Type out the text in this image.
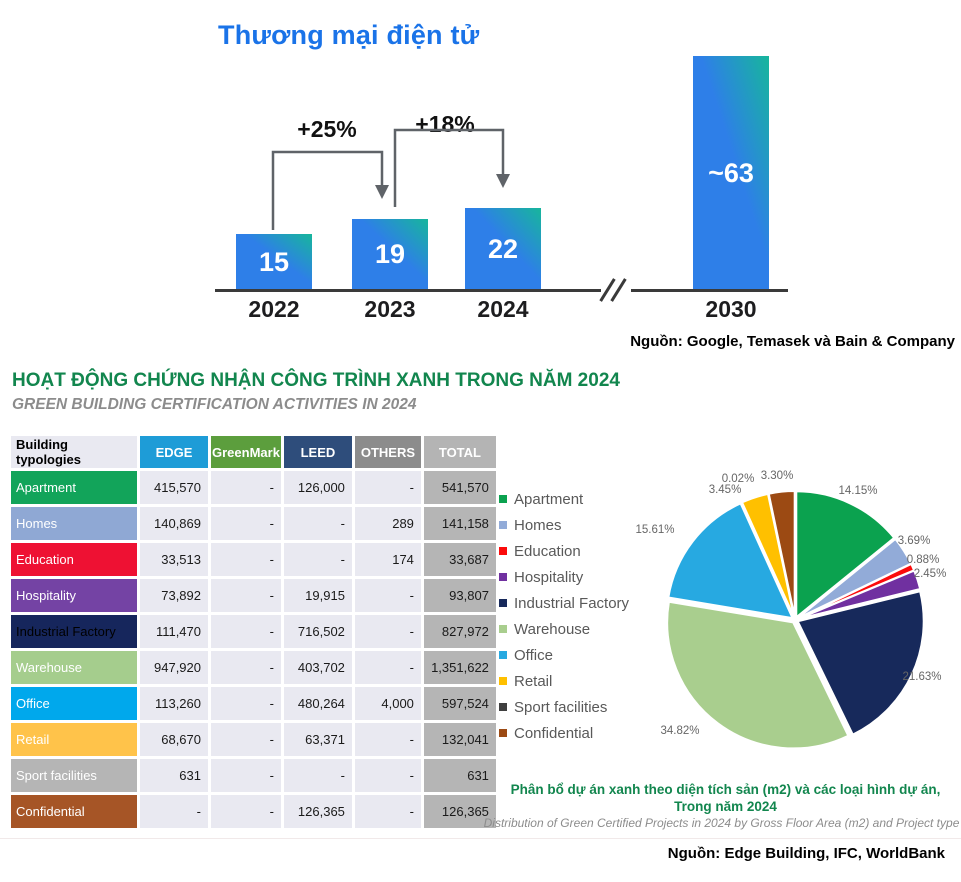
Thương mại điện tử
15
2022
19
2023
22
2024
~63
2030
+25%	+18%
Nguồn: Google, Temasek và Bain & Company
HOẠT ĐỘNG CHỨNG NHẬN CÔNG TRÌNH XANH TRONG NĂM 2024
GREEN BUILDING CERTIFICATION ACTIVITIES IN 2024
Building typologies	EDGE	GreenMark	LEED	OTHERS	TOTAL
Apartment	415,570	-	126,000	-	541,570
Homes	140,869	-	-	289	141,158
Education	33,513	-	-	174	33,687
Hospitality	73,892	-	19,915	-	93,807
Industrial Factory	111,470	-	716,502	-	827,972
Warehouse	947,920	-	403,702	-	1,351,622
Office	113,260	-	480,264	4,000	597,524
Retail	68,670	-	63,371	-	132,041
Sport facilities	631	-	-	-	631
Confidential	-	-	126,365	-	126,365
Apartment
Homes
Education
Hospitality
Industrial Factory
Warehouse
Office
Retail
Sport facilities
Confidential
14.15%
3.69%
0.88%
2.45%
21.63%
34.82%
15.61%
3.45%
0.02% 3.30%
Phân bổ dự án xanh theo diện tích sản (m2) và các loại hình dự án,
Trong năm 2024
Distribution of Green Certified Projects in 2024 by Gross Floor Area (m2) and Project type
Nguồn: Edge Building, IFC, WorldBank
